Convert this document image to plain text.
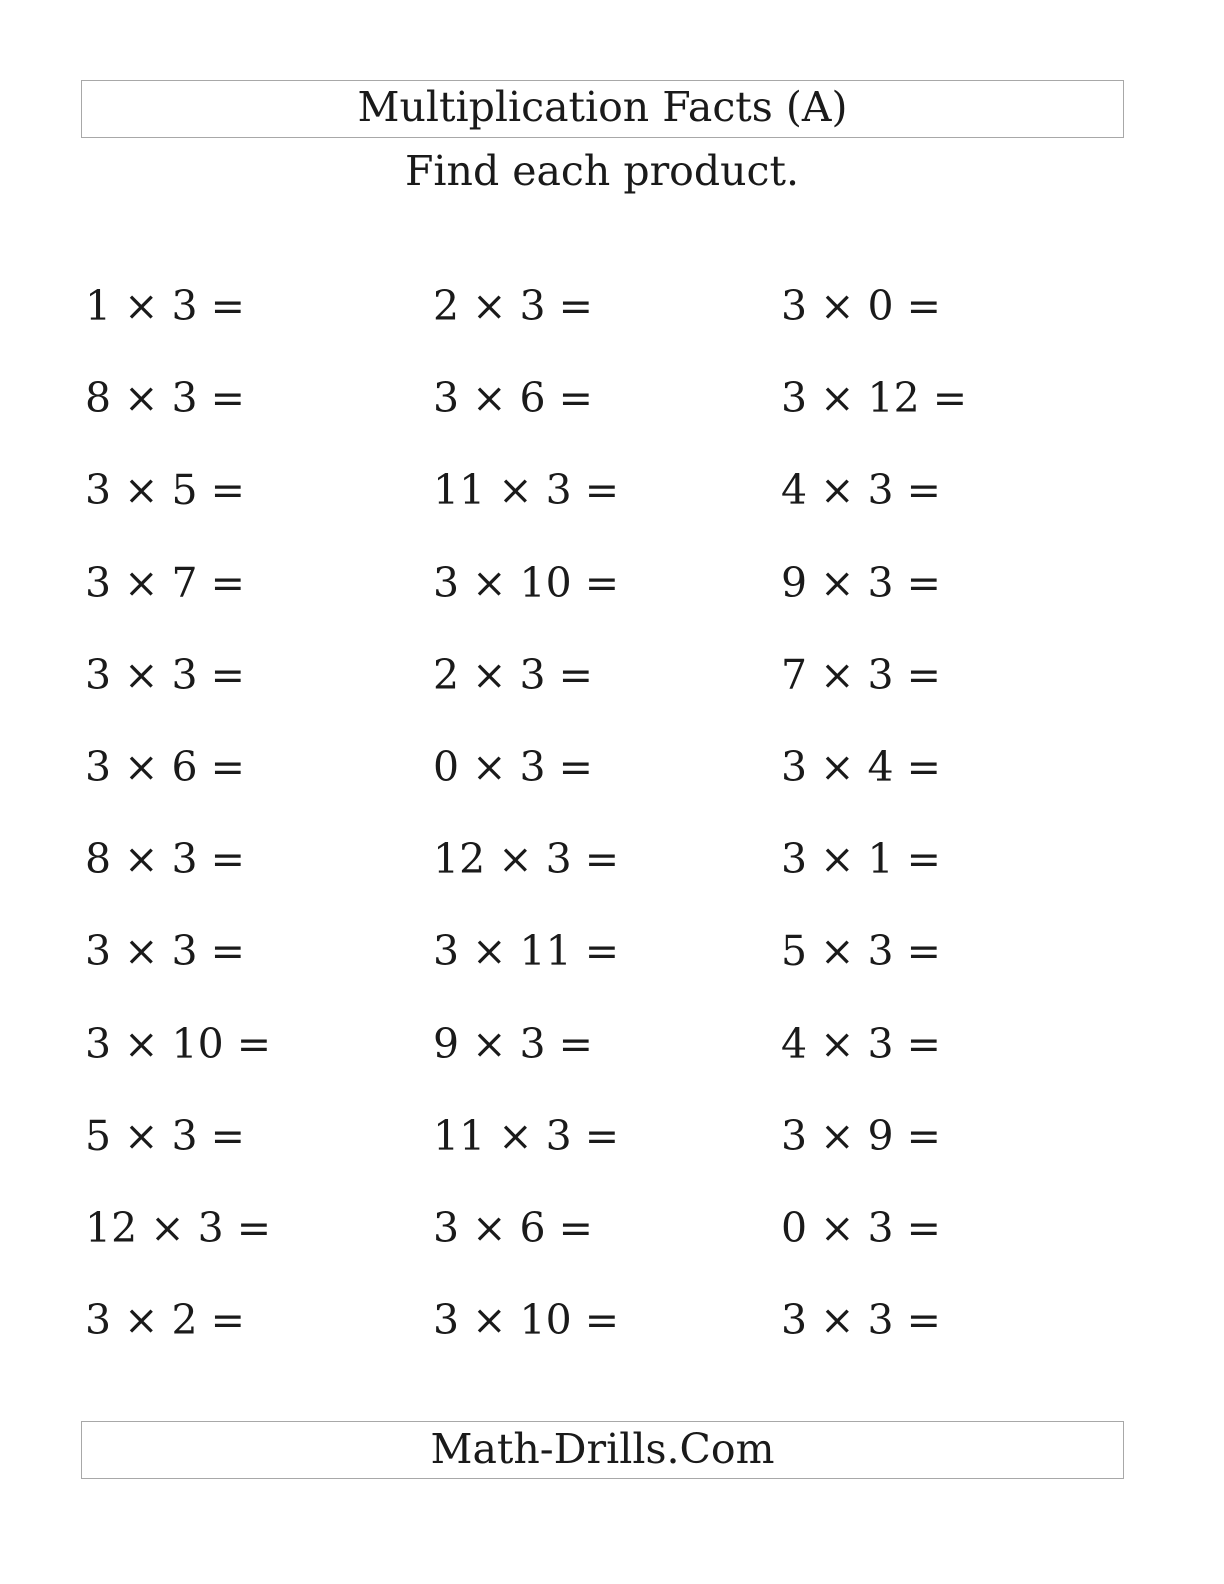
Multiplication Facts (A)
Find each product.
1 × 3 =	2 × 3 =	3 × 0 =
8 × 3 =	3 × 6 =	3 × 12 =
3 × 5 =	11 × 3 =	4 × 3 =
3 × 7 =	3 × 10 =	9 × 3 =
3 × 3 =	2 × 3 =	7 × 3 =
3 × 6 =	0 × 3 =	3 × 4 =
8 × 3 =	12 × 3 =	3 × 1 =
3 × 3 =	3 × 11 =	5 × 3 =
3 × 10 =	9 × 3 =	4 × 3 =
5 × 3 =	11 × 3 =	3 × 9 =
12 × 3 =	3 × 6 =	0 × 3 =
3 × 2 =	3 × 10 =	3 × 3 =
Math-Drills.Com
